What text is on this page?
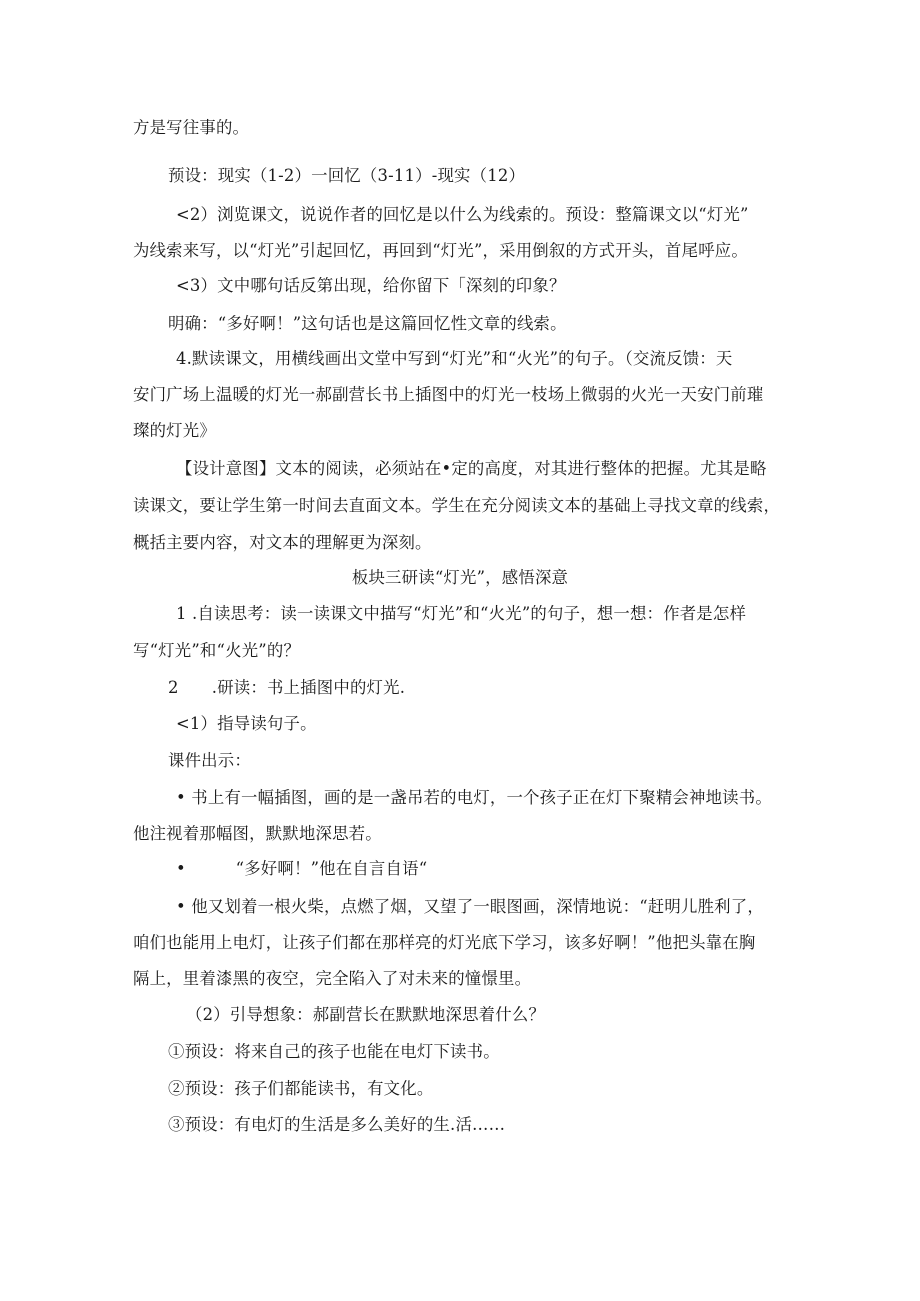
方是写往事的。

预设：现实（1-2）一回忆（3-11）-现实（12）

<2）浏览课文，说说作者的回忆是以什么为线索的。预设：整篇课文以“灯光”

为线索来写，以“灯光”引起回忆，再回到“灯光”，采用倒叙的方式开头，首尾呼应。

<3）文中哪句话反第出现，给你留下「深刻的印象？

明确：“多好啊！”这句话也是这篇回忆性文章的线索。

4.默读课文，用横线画出文堂中写到“灯光”和“火光”的句子。（交流反馈：天

安门广场上温暖的灯光一郝副营长书上插图中的灯光一枝场上微弱的火光一天安门前璀

璨的灯光》

【设计意图】文本的阅读，必须站在•定的高度，对其进行整体的把握。尤其是略

读课文，要让学生第一时间去直面文本。学生在充分阅读文本的基础上寻找文章的线索，

概括主要内容，对文本的理解更为深刻。

板块三研读“灯光”，感悟深意

1 .自读思考：读一读课文中描写“灯光”和“火光”的句子，想一想：作者是怎样

写“灯光”和“火光”的？

2　　.研读：书上插图中的灯光.

<1）指导读句子。

课件出示：

• 书上有一幅插图，画的是一盏吊若的电灯，一个孩子正在灯下聚精会神地读书。

他注视着那幅图，默默地深思若。

•　　　“多好啊！”他在自言自语“

• 他又划着一根火柴，点燃了烟，又望了一眼图画，深情地说：“赶明儿胜利了，

咱们也能用上电灯，让孩子们都在那样亮的灯光底下学习，该多好啊！”他把头靠在胸

隔上，里着漆黑的夜空，完全陷入了对未来的憧憬里。

（2）引导想象：郝副营长在默默地深思着什么？

①预设：将来自己的孩子也能在电灯下读书。

②预设：孩子们都能读书，有文化。

③预设：有电灯的生活是多么美好的生.活……
